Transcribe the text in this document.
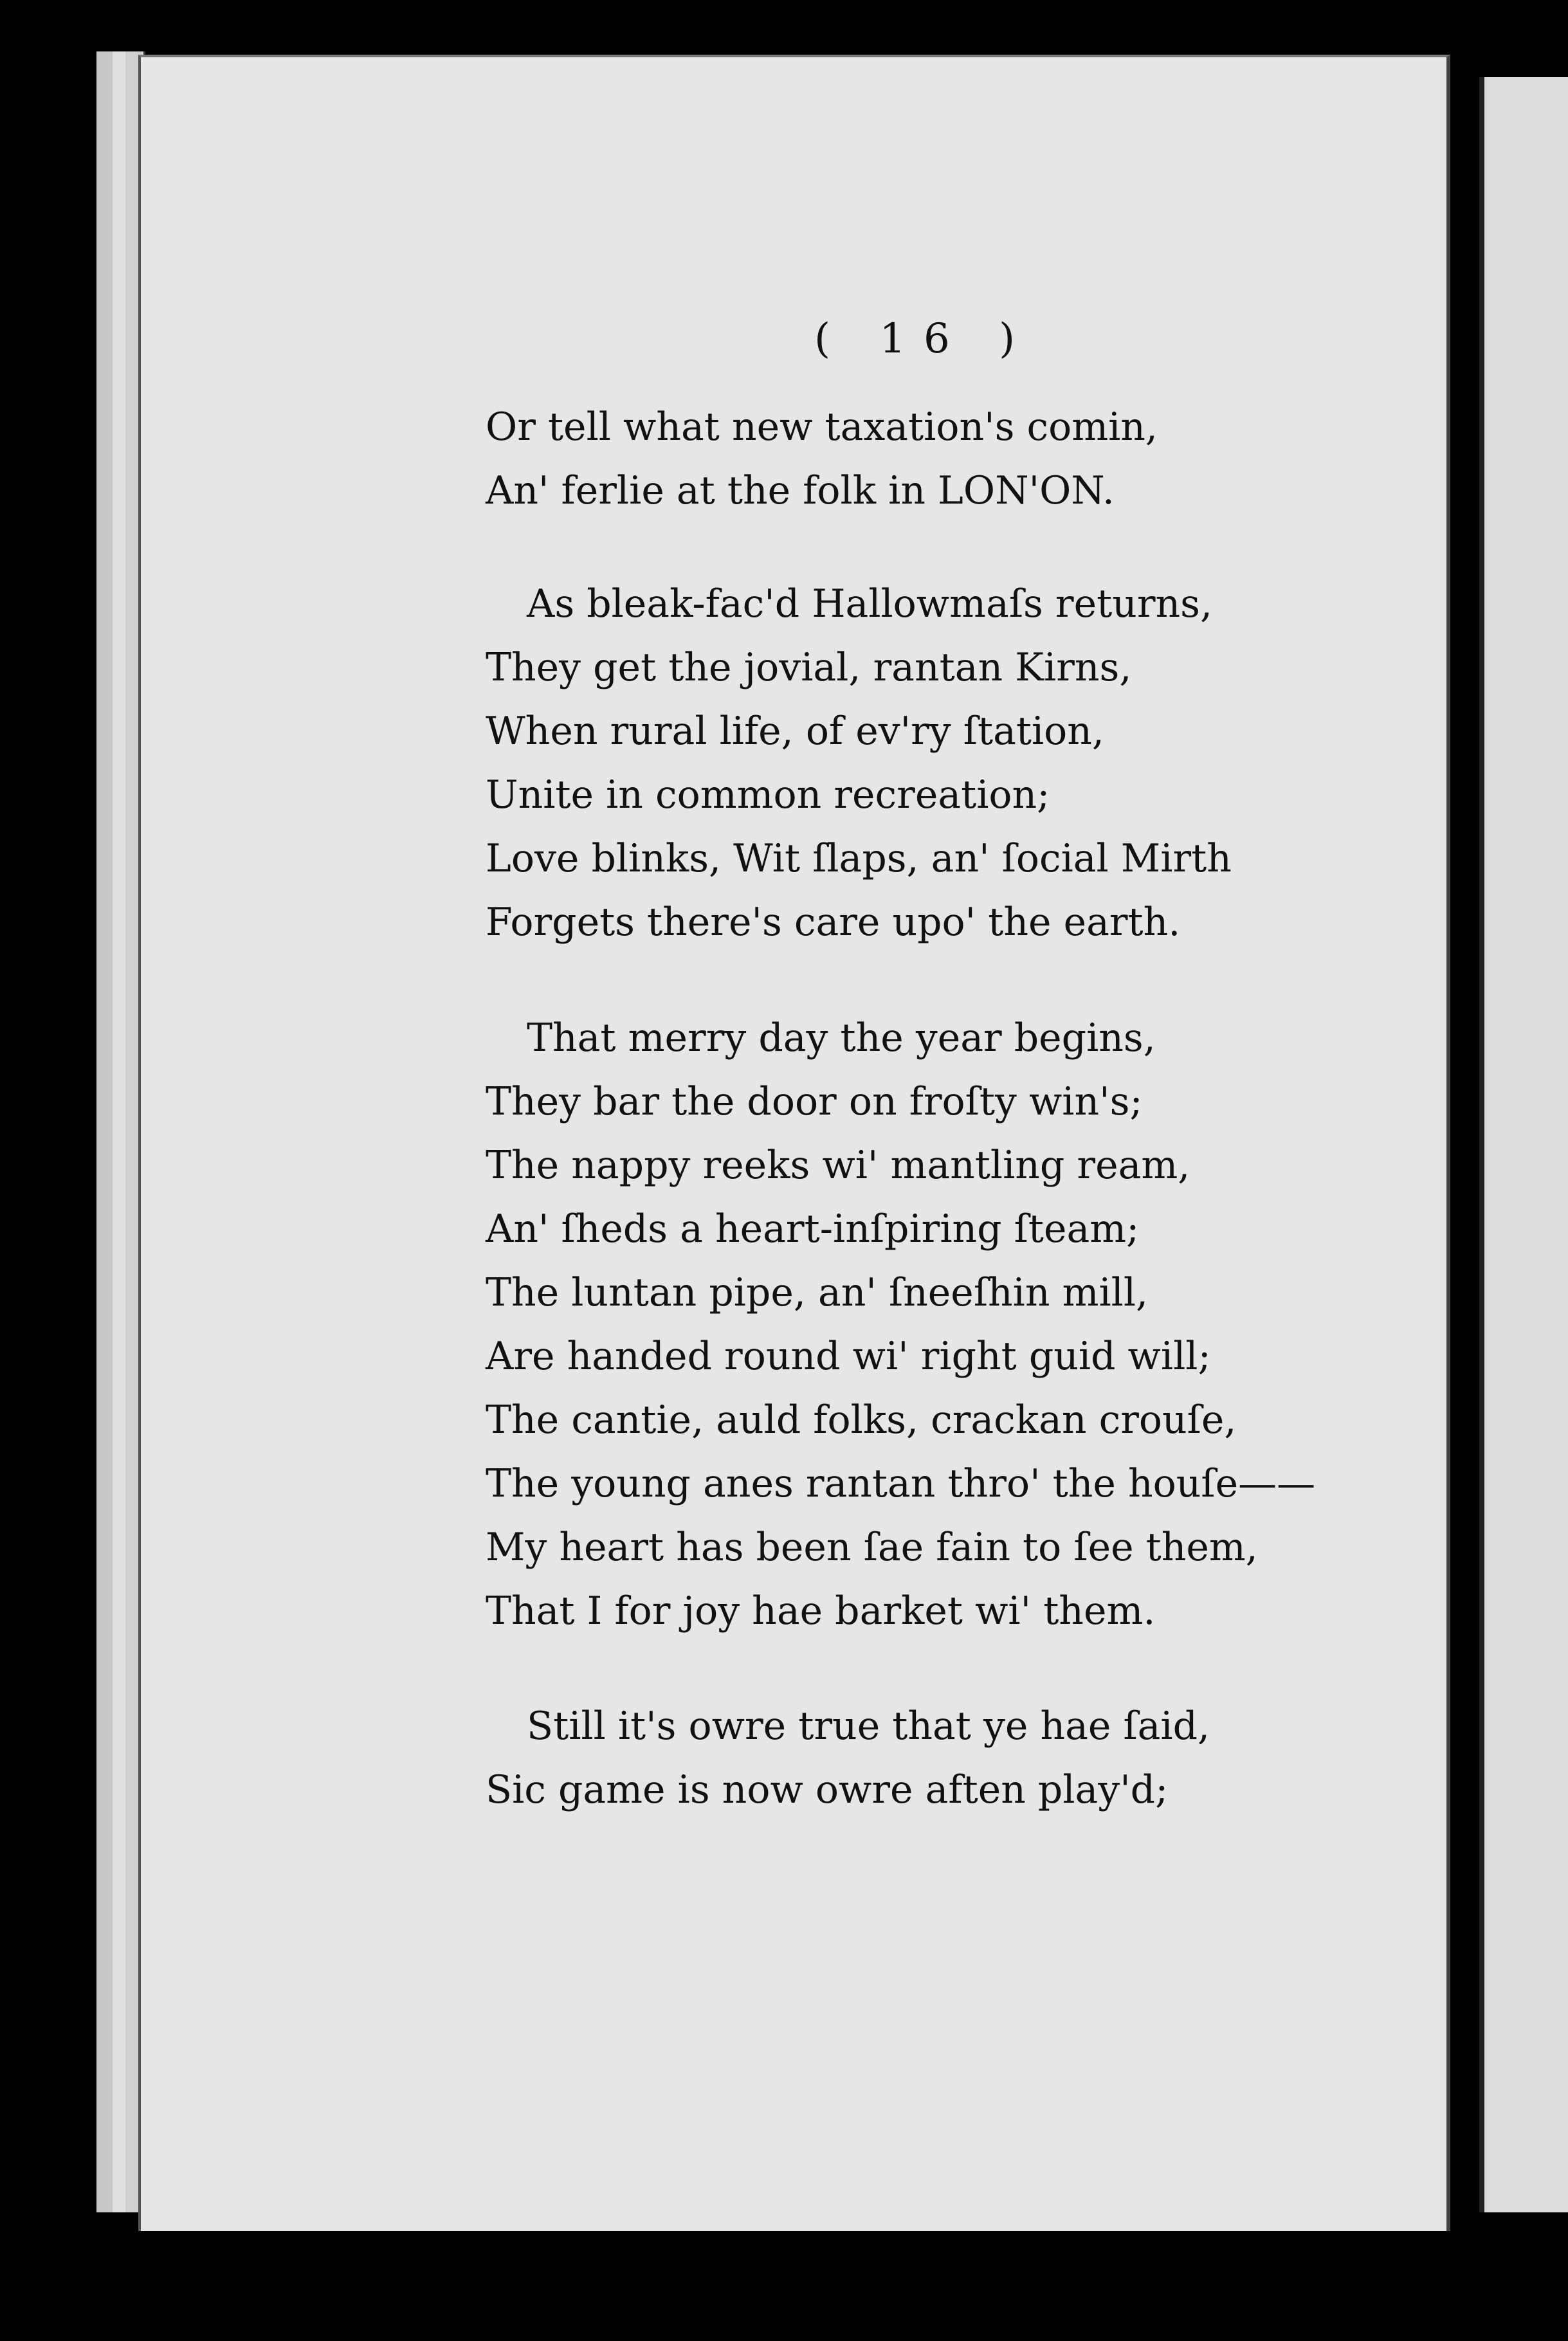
( 16 )
Or tell what new taxation's comin,
An' ferlie at the folk in LON'ON.
As bleak-fac'd Hallowmaſs returns,
They get the jovial, rantan Kirns,
When rural life, of ev'ry ſtation,
Unite in common recreation;
Love blinks, Wit ſlaps, an' ſocial Mirth
Forgets there's care upo' the earth.
That merry day the year begins,
They bar the door on froſty win's;
The nappy reeks wi' mantling ream,
An' ſheds a heart-inſpiring ſteam;
The luntan pipe, an' ſneeſhin mill,
Are handed round wi' right guid will;
The cantie, auld folks, crackan crouſe,
The young anes rantan thro' the houſe——
My heart has been ſae fain to ſee them,
That I for joy hae barket wi' them.
Still it's owre true that ye hae ſaid,
Sic game is now owre aften play'd;
